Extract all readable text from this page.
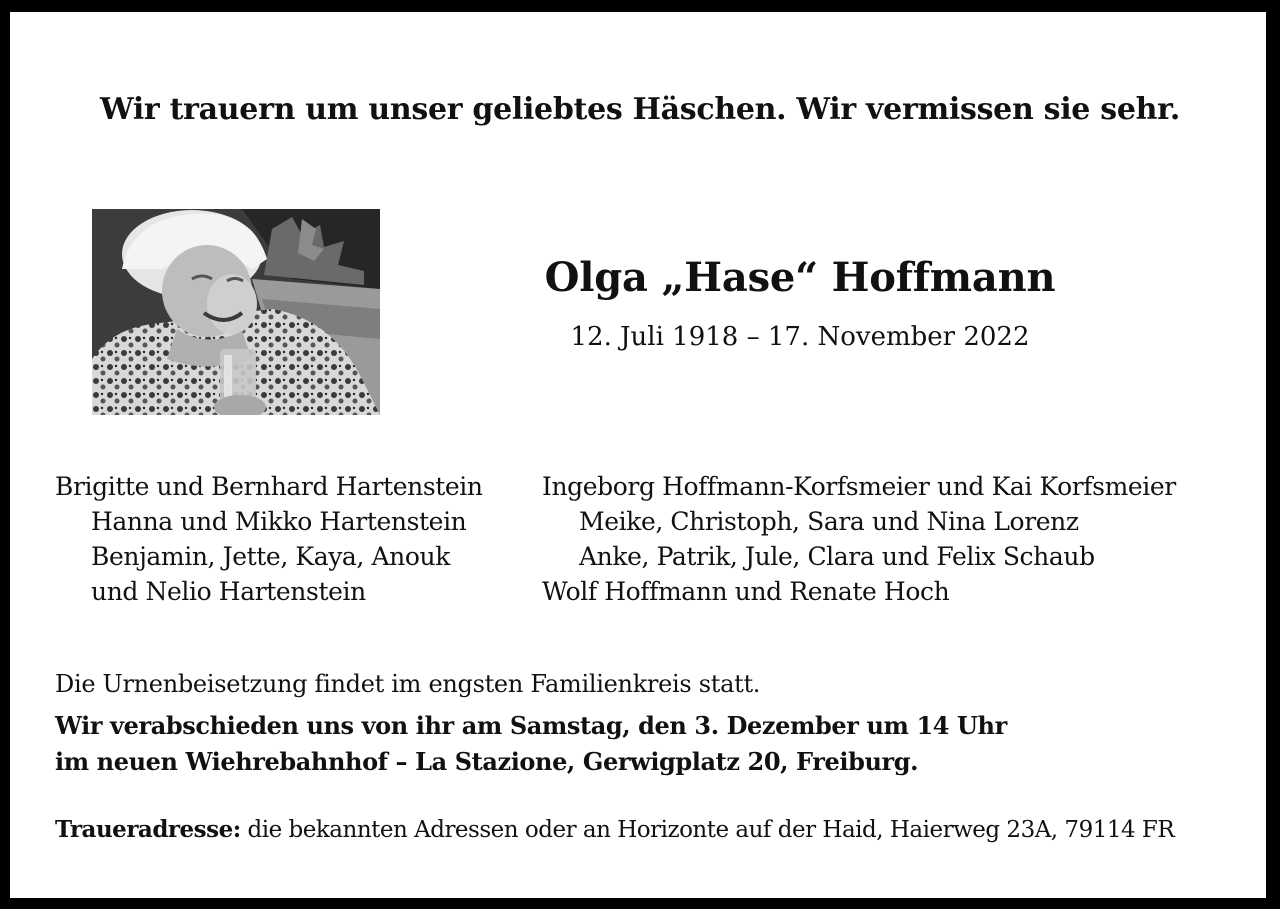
Wir trauern um unser geliebtes Häschen. Wir vermissen sie sehr.
Olga „Hase“ Hoffmann
12. Juli 1918 – 17. November 2022
Brigitte und Bernhard Hartenstein
Hanna und Mikko Hartenstein
Benjamin, Jette, Kaya, Anouk
und Nelio Hartenstein
Ingeborg Hoffmann-Korfsmeier und Kai Korfsmeier
Meike, Christoph, Sara und Nina Lorenz
Anke, Patrik, Jule, Clara und Felix Schaub
Wolf Hoffmann und Renate Hoch
Die Urnenbeisetzung findet im engsten Familienkreis statt.
Wir verabschieden uns von ihr am Samstag, den 3. Dezember um 14 Uhr
im neuen Wiehrebahnhof – La Stazione, Gerwigplatz 20, Freiburg.
Traueradresse: die bekannten Adressen oder an Horizonte auf der Haid, Haierweg 23A, 79114 FR
